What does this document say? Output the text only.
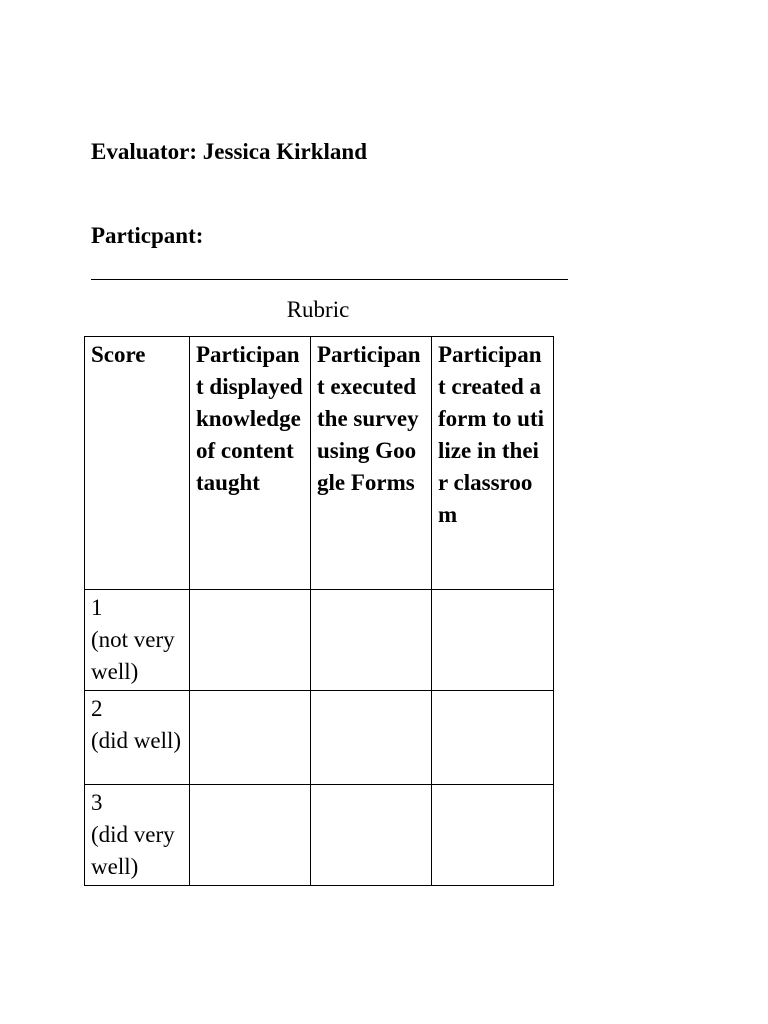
Evaluator: Jessica Kirkland
Particpant:
Rubric
Score	Participant displayed knowledge of content taught	Participant executed the survey using Google Forms	Participant created a form to utilize in their classroom

1
(not very well)			

2
(did well)			

3
(did very well)			
